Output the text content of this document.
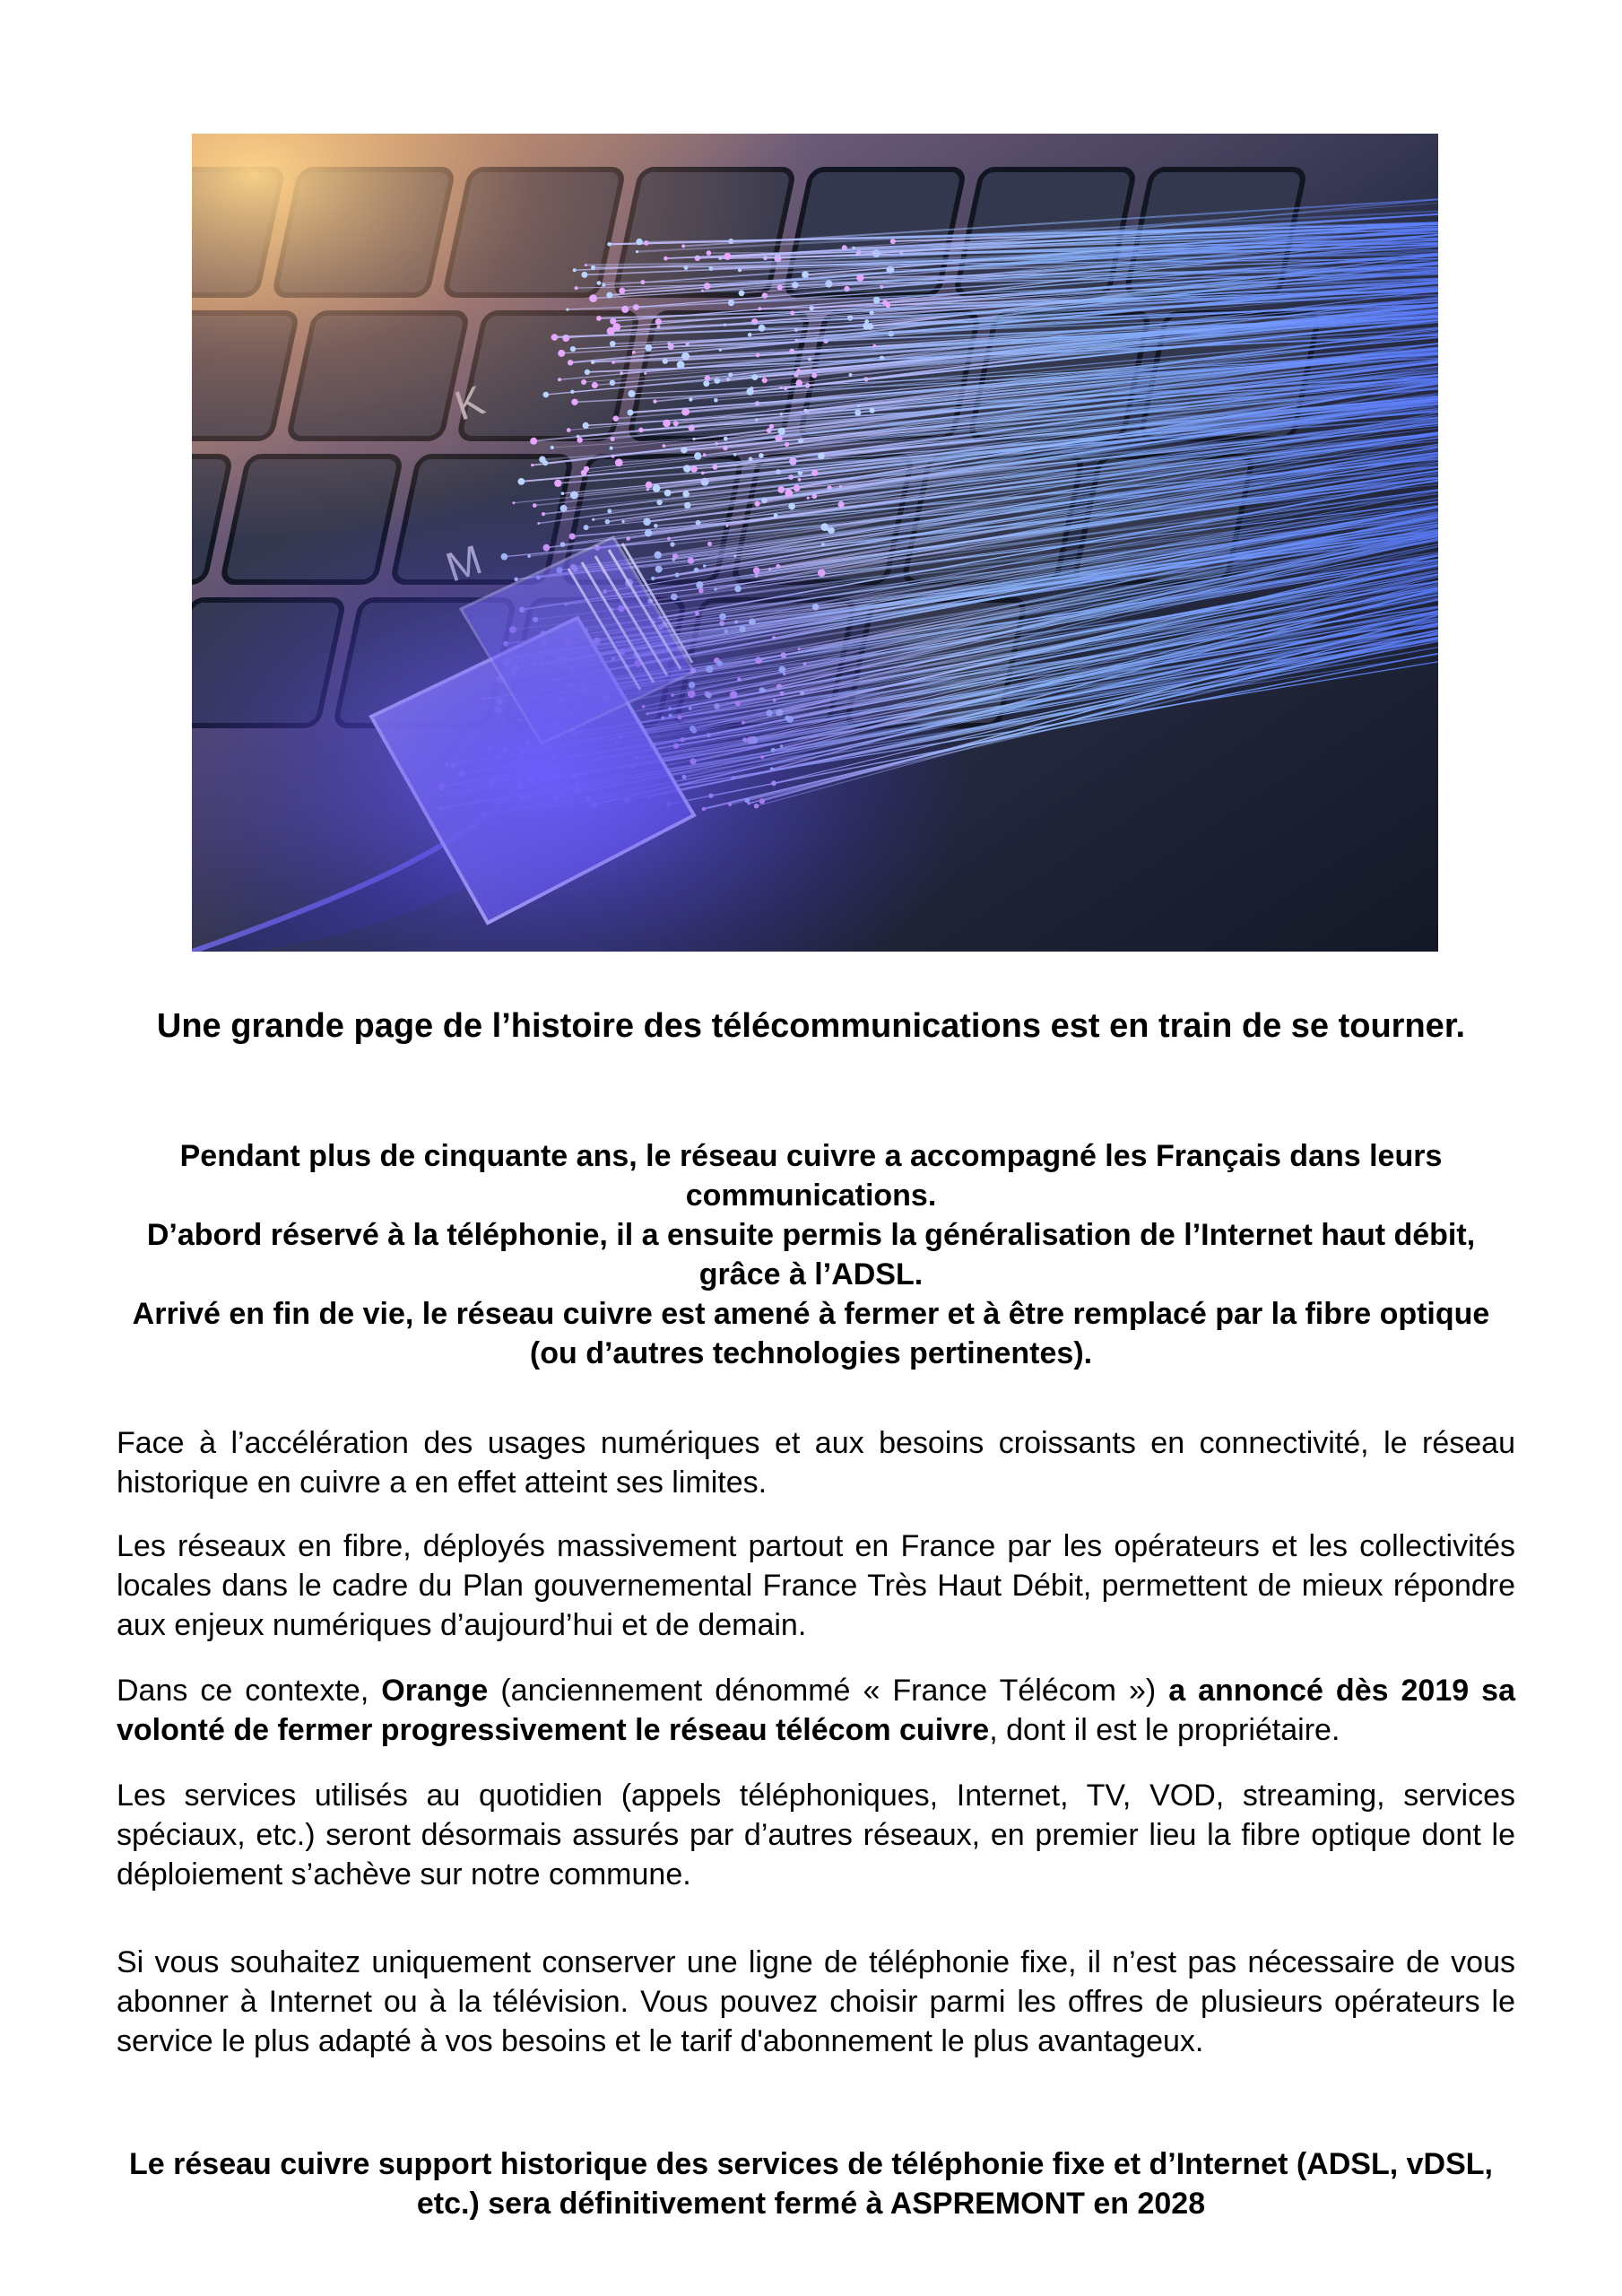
Une grande page de l’histoire des télécommunications est en train de se tourner.

Pendant plus de cinquante ans, le réseau cuivre a accompagné les Français dans leurs communications.

D’abord réservé à la téléphonie, il a ensuite permis la généralisation de l’Internet haut débit, grâce à l’ADSL.

Arrivé en fin de vie, le réseau cuivre est amené à fermer et à être remplacé par la fibre optique (ou d’autres technologies pertinentes).

Face à l’accélération des usages numériques et aux besoins croissants en connectivité, le réseau historique en cuivre a en effet atteint ses limites.

Les réseaux en fibre, déployés massivement partout en France par les opérateurs et les collectivités locales dans le cadre du Plan gouvernemental France Très Haut Débit, permettent de mieux répondre aux enjeux numériques d’aujourd’hui et de demain.

Dans ce contexte, Orange (anciennement dénommé « France Télécom ») a annoncé dès 2019 sa volonté de fermer progressivement le réseau télécom cuivre, dont il est le propriétaire.

Les services utilisés au quotidien (appels téléphoniques, Internet, TV, VOD, streaming, services spéciaux, etc.) seront désormais assurés par d’autres réseaux, en premier lieu la fibre optique dont le déploiement s’achève sur notre commune.

Si vous souhaitez uniquement conserver une ligne de téléphonie fixe, il n’est pas nécessaire de vous abonner à Internet ou à la télévision. Vous pouvez choisir parmi les offres de plusieurs opérateurs le service le plus adapté à vos besoins et le tarif d'abonnement le plus avantageux.

Le réseau cuivre support historique des services de téléphonie fixe et d’Internet (ADSL, vDSL, etc.) sera définitivement fermé à ASPREMONT en 2028
